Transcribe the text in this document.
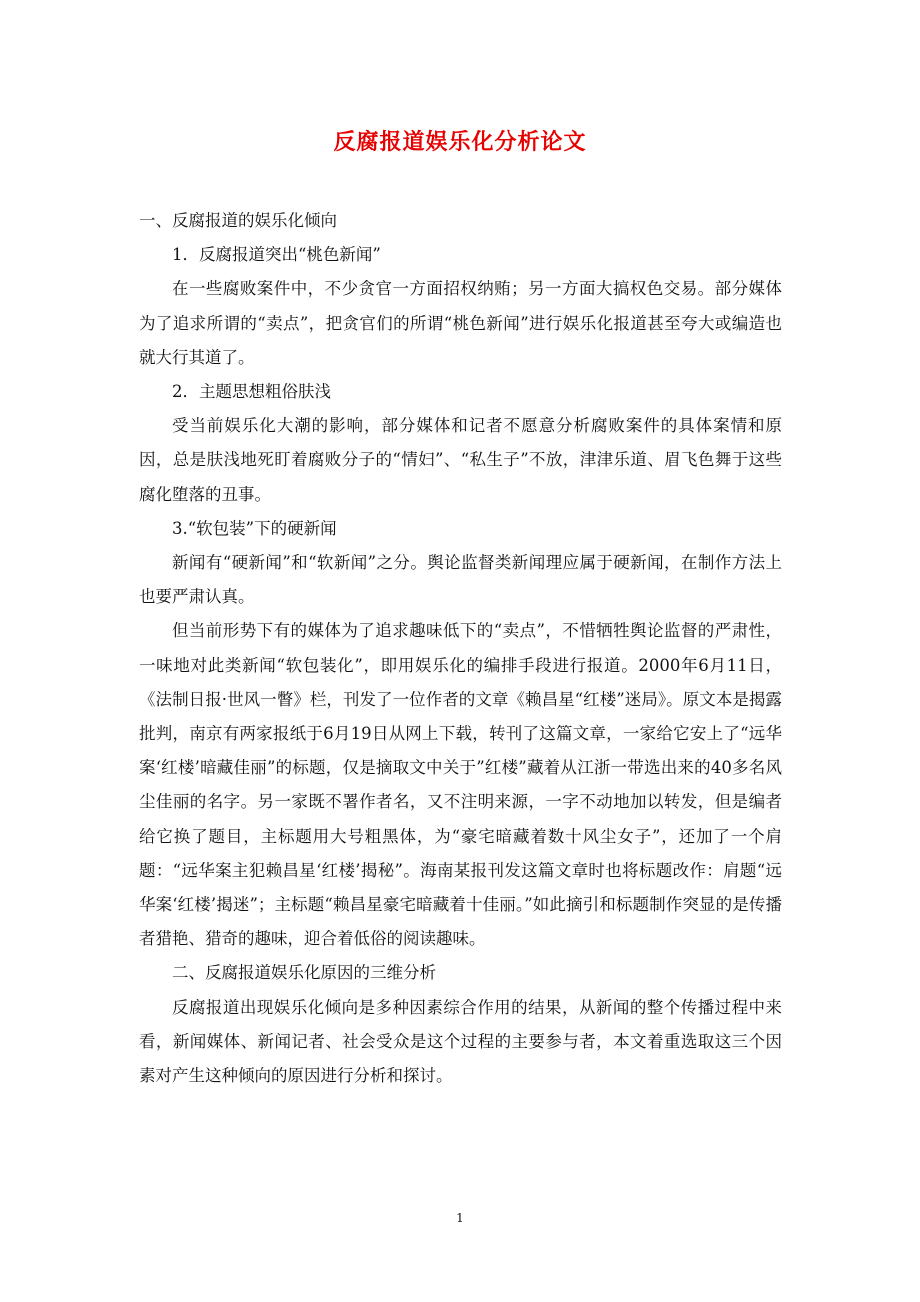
反腐报道娱乐化分析论文

一、反腐报道的娱乐化倾向

1．反腐报道突出“桃色新闻”

在一些腐败案件中，不少贪官一方面招权纳贿；另一方面大搞权色交易。部分媒体为了追求所谓的“卖点”，把贪官们的所谓“桃色新闻”进行娱乐化报道甚至夸大或编造也就大行其道了。

2．主题思想粗俗肤浅

受当前娱乐化大潮的影响，部分媒体和记者不愿意分析腐败案件的具体案情和原因，总是肤浅地死盯着腐败分子的“情妇”、“私生子”不放，津津乐道、眉飞色舞于这些腐化堕落的丑事。

3.“软包装”下的硬新闻

新闻有“硬新闻”和“软新闻”之分。舆论监督类新闻理应属于硬新闻，在制作方法上也要严肃认真。

但当前形势下有的媒体为了追求趣味低下的“卖点”，不惜牺牲舆论监督的严肃性，一味地对此类新闻“软包装化”，即用娱乐化的编排手段进行报道。2000年6月11日，《法制日报·世风一瞥》栏，刊发了一位作者的文章《赖昌星“红楼”迷局》。原文本是揭露批判，南京有两家报纸于6月19日从网上下载，转刊了这篇文章，一家给它安上了“远华案‘红楼’暗藏佳丽”的标题，仅是摘取文中关于”红楼”藏着从江浙一带选出来的40多名风尘佳丽的名字。另一家既不署作者名，又不注明来源，一字不动地加以转发，但是编者给它换了题目，主标题用大号粗黑体，为“豪宅暗藏着数十风尘女子”，还加了一个肩题：“远华案主犯赖昌星‘红楼’揭秘”。海南某报刊发这篇文章时也将标题改作：肩题“远华案‘红楼’揭迷”；主标题“赖昌星豪宅暗藏着十佳丽。”如此摘引和标题制作突显的是传播者猎艳、猎奇的趣味，迎合着低俗的阅读趣味。

二、反腐报道娱乐化原因的三维分析

反腐报道出现娱乐化倾向是多种因素综合作用的结果，从新闻的整个传播过程中来看，新闻媒体、新闻记者、社会受众是这个过程的主要参与者，本文着重选取这三个因素对产生这种倾向的原因进行分析和探讨。

1
